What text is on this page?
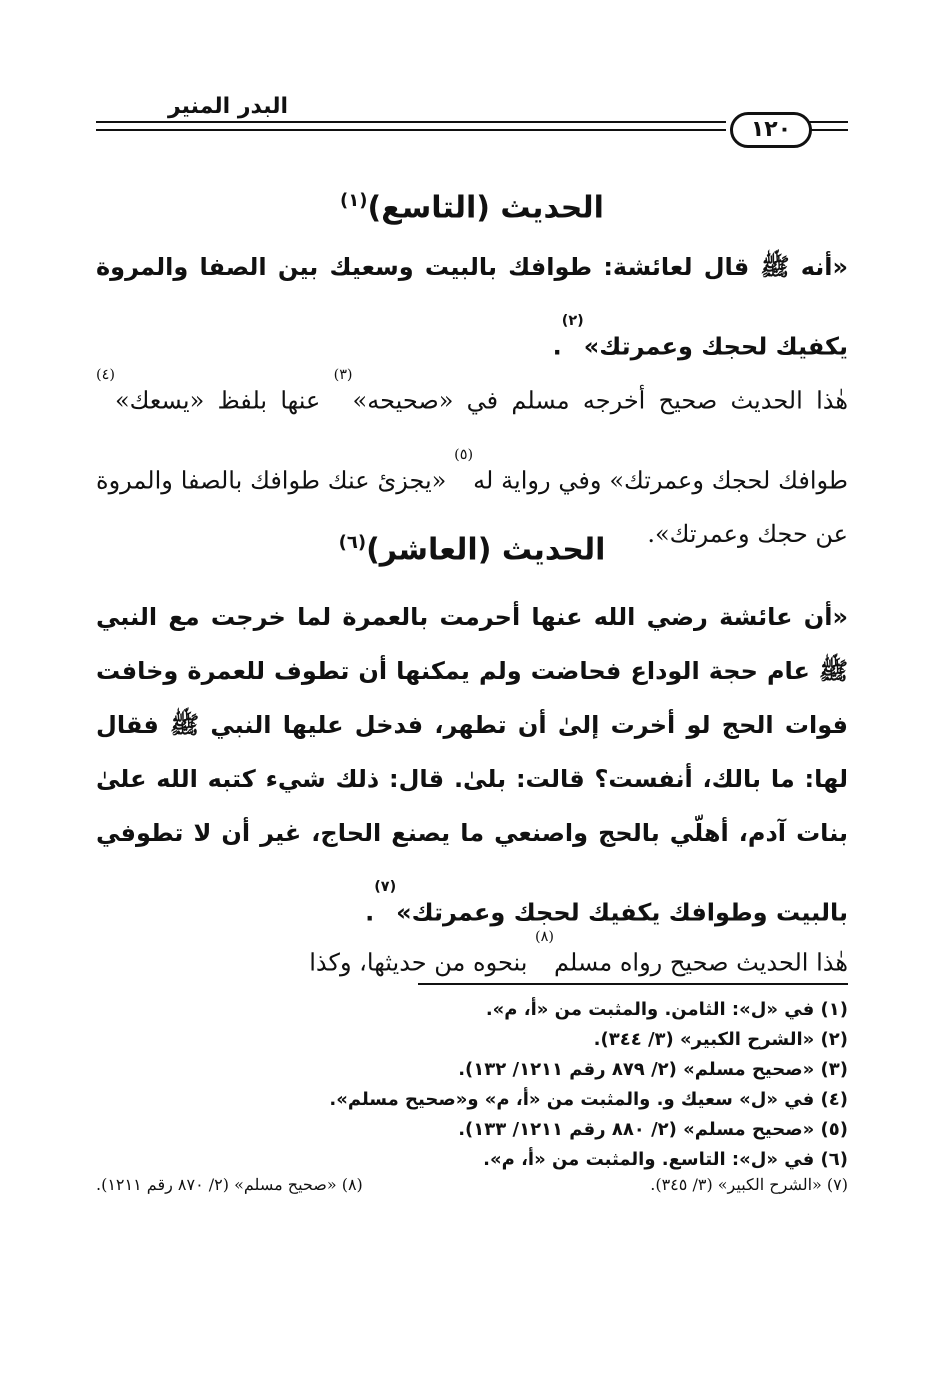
البدر المنير
١٢٠
الحديث (التاسع)$^{(١)}$

«أنه ﷺ قال لعائشة: طوافك بالبيت وسعيك بين الصفا والمروة يكفيك لحجك وعمرتك»$^{(٢)}$.

هٰذا الحديث صحيح أخرجه مسلم في «صحيحه»$^{(٣)}$ عنها بلفظ «يسعك»$^{(٤)}$ طوافك لحجك وعمرتك» وفي رواية له$^{(٥)}$ «يجزئ عنك طوافك بالصفا والمروة عن حجك وعمرتك».

الحديث (العاشر)$^{(٦)}$

«أن عائشة رضي الله عنها أحرمت بالعمرة لما خرجت مع النبي ﷺ عام حجة الوداع فحاضت ولم يمكنها أن تطوف للعمرة وخافت فوات الحج لو أخرت إلىٰ أن تطهر، فدخل عليها النبي ﷺ فقال لها: ما بالك، أنفست؟ قالت: بلىٰ. قال: ذلك شيء كتبه الله علىٰ بنات آدم، أهلّي بالحج واصنعي ما يصنع الحاج، غير أن لا تطوفي بالبيت وطوافك يكفيك لحجك وعمرتك»$^{(٧)}$.

هٰذا الحديث صحيح رواه مسلم$^{(٨)}$ بنحوه من حديثها، وكذا

(١) في «ل»: الثامن. والمثبت من «أ، م».
(٢) «الشرح الكبير» (٣/ ٣٤٤).
(٣) «صحيح مسلم» (٢/ ٨٧٩ رقم ١٢١١/ ١٣٢).
(٤) في «ل» سعيك و. والمثبت من «أ، م» و«صحيح مسلم».
(٥) «صحيح مسلم» (٢/ ٨٨٠ رقم ١٢١١/ ١٣٣).
(٦) في «ل»: التاسع. والمثبت من «أ، م».
(٧) «الشرح الكبير» (٣/ ٣٤٥).
(٨) «صحيح مسلم» (٢/ ٨٧٠ رقم ١٢١١).
